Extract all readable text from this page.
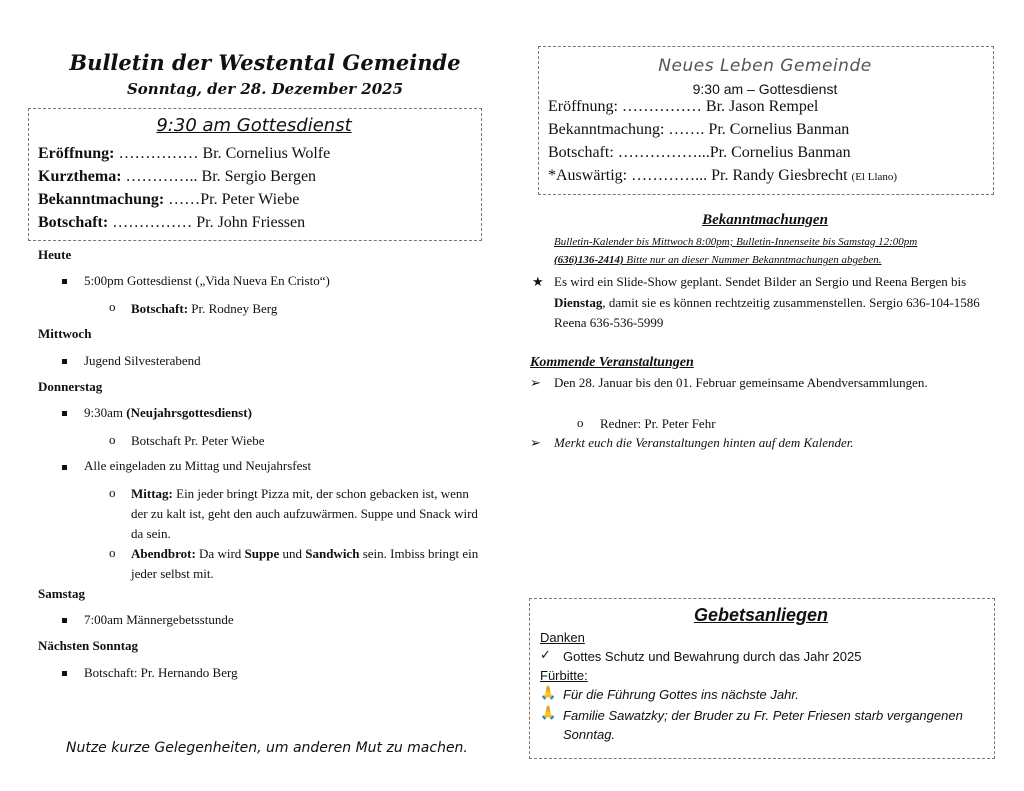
Bulletin der Westental Gemeinde
Sonntag, der 28. Dezember 2025
9:30 am Gottesdienst
Eröffnung: …………… Br. Cornelius Wolfe
Kurzthema: ………….. Br. Sergio Bergen
Bekanntmachung: ……Pr. Peter Wiebe
Botschaft: …………… Pr. John Friessen
Heute
5:00pm Gottesdienst („Vida Nueva En Cristo“)
o Botschaft: Pr. Rodney Berg
Mittwoch
Jugend Silvesterabend
Donnerstag
9:30am (Neujahrsgottesdienst)
o Botschaft Pr. Peter Wiebe
Alle eingeladen zu Mittag und Neujahrsfest
o Mittag: Ein jeder bringt Pizza mit, der schon gebacken ist, wenn der zu kalt ist, geht den auch aufzuwärmen. Suppe und Snack wird da sein.
o Abendbrot: Da wird Suppe und Sandwich sein. Imbiss bringt ein jeder selbst mit.
Samstag
7:00am Männergebetsstunde
Nächsten Sonntag
Botschaft: Pr. Hernando Berg
Nutze kurze Gelegenheiten, um anderen Mut zu machen.
Neues Leben Gemeinde
9:30 am – Gottesdienst
Eröffnung: …………… Br. Jason Rempel
Bekanntmachung: ……. Pr. Cornelius Banman
Botschaft: ……………...Pr. Cornelius Banman
*Auswärtig: …………... Pr. Randy Giesbrecht (El Llano)
Bekanntmachungen
Bulletin-Kalender bis Mittwoch 8:00pm; Bulletin-Innenseite bis Samstag 12:00pm
(636)136-2414) Bitte nur an dieser Nummer Bekanntmachungen abgeben.
★ Es wird ein Slide-Show geplant. Sendet Bilder an Sergio und Reena Bergen bis Dienstag, damit sie es können rechtzeitig zusammenstellen. Sergio 636-104-1586 Reena 636-536-5999
Kommende Veranstaltungen
➢ Den 28. Januar bis den 01. Februar gemeinsame Abendversammlungen.
o Redner: Pr. Peter Fehr
➢ Merkt euch die Veranstaltungen hinten auf dem Kalender.
Gebetsanliegen
Danken
✓ Gottes Schutz und Bewahrung durch das Jahr 2025
Fürbitte:
🙏 Für die Führung Gottes ins nächste Jahr.
🙏 Familie Sawatzky; der Bruder zu Fr. Peter Friesen starb vergangenen Sonntag.
